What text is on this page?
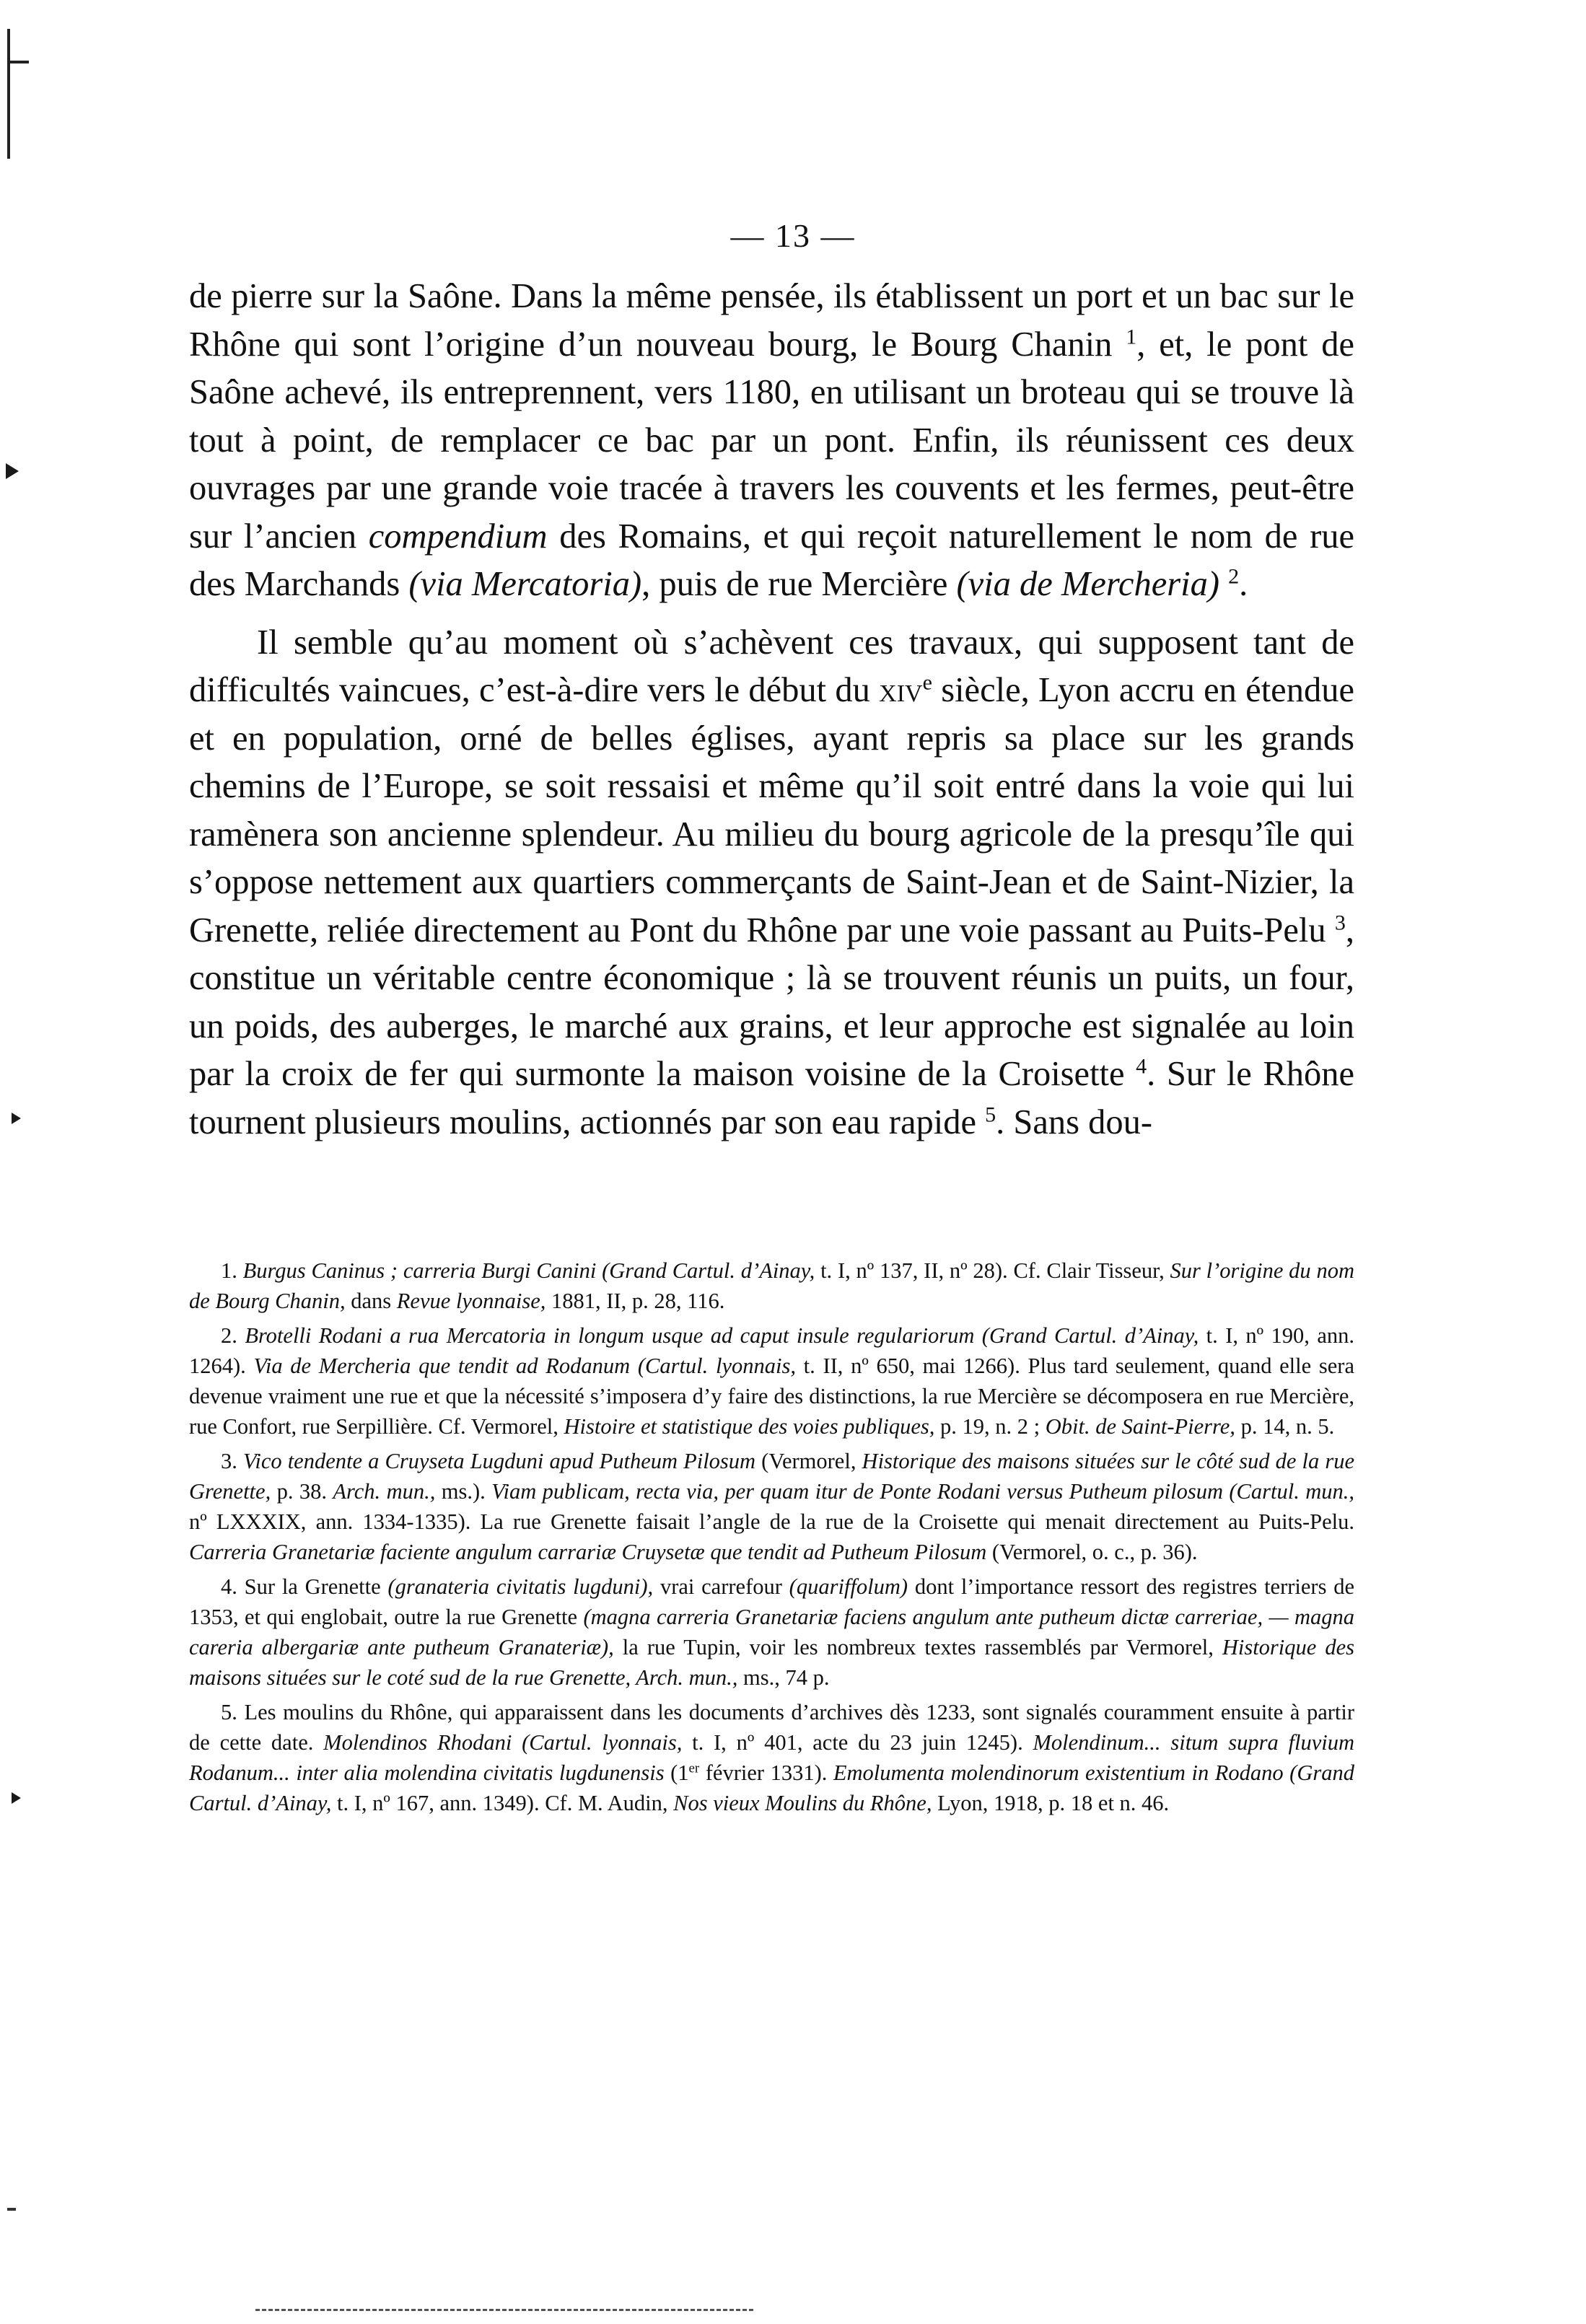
— 13 —

de pierre sur la Saône. Dans la même pensée, ils établissent un port et un bac sur le Rhône qui sont l’origine d’un nouveau bourg, le Bourg Chanin $^1$, et, le pont de Saône achevé, ils entreprennent, vers 1180, en utilisant un broteau qui se trouve là tout à point, de remplacer ce bac par un pont. Enfin, ils réunissent ces deux ouvrages par une grande voie tracée à travers les couvents et les fermes, peut-être sur l’ancien compendium des Romains, et qui reçoit naturellement le nom de rue des Marchands (via Mercatoria), puis de rue Mercière (via de Mercheria) $^2$.

Il semble qu’au moment où s’achèvent ces travaux, qui supposent tant de difficultés vaincues, c’est-à-dire vers le début du xiv$^e$ siècle, Lyon accru en étendue et en population, orné de belles églises, ayant repris sa place sur les grands chemins de l’Europe, se soit ressaisi et même qu’il soit entré dans la voie qui lui ramènera son ancienne splendeur. Au milieu du bourg agricole de la presqu’île qui s’oppose nettement aux quartiers commerçants de Saint-Jean et de Saint-Nizier, la Grenette, reliée directement au Pont du Rhône par une voie passant au Puits-Pelu $^3$, constitue un véritable centre économique ; là se trouvent réunis un puits, un four, un poids, des auberges, le marché aux grains, et leur approche est signalée au loin par la croix de fer qui surmonte la maison voisine de la Croisette $^4$. Sur le Rhône tournent plusieurs moulins, actionnés par son eau rapide $^5$. Sans dou-

1. Burgus Caninus ; carreria Burgi Canini (Grand Cartul. d’Ainay, t. I, nº 137, II, nº 28). Cf. Clair Tisseur, Sur l’origine du nom de Bourg Chanin, dans Revue lyonnaise, 1881, II, p. 28, 116.

2. Brotelli Rodani a rua Mercatoria in longum usque ad caput insule regulariorum (Grand Cartul. d’Ainay, t. I, nº 190, ann. 1264). Via de Mercheria que tendit ad Rodanum (Cartul. lyonnais, t. II, nº 650, mai 1266). Plus tard seulement, quand elle sera devenue vraiment une rue et que la nécessité s’imposera d’y faire des distinctions, la rue Mercière se décomposera en rue Mercière, rue Confort, rue Serpillière. Cf. Vermorel, Histoire et statistique des voies publiques, p. 19, n. 2 ; Obit. de Saint-Pierre, p. 14, n. 5.

3. Vico tendente a Cruyseta Lugduni apud Putheum Pilosum (Vermorel, Historique des maisons situées sur le côté sud de la rue Grenette, p. 38. Arch. mun., ms.). Viam publicam, recta via, per quam itur de Ponte Rodani versus Putheum pilosum (Cartul. mun., nº LXXXIX, ann. 1334-1335). La rue Grenette faisait l’angle de la rue de la Croisette qui menait directement au Puits-Pelu. Carreria Granetariæ faciente angulum carrariæ Cruysetæ que tendit ad Putheum Pilosum (Vermorel, o. c., p. 36).

4. Sur la Grenette (granateria civitatis lugduni), vrai carrefour (quariffolum) dont l’importance ressort des registres terriers de 1353, et qui englobait, outre la rue Grenette (magna carreria Granetariæ faciens angulum ante putheum dictæ carreriae, — magna careria albergariæ ante putheum Granateriæ), la rue Tupin, voir les nombreux textes rassemblés par Vermorel, Historique des maisons situées sur le coté sud de la rue Grenette, Arch. mun., ms., 74 p.

5. Les moulins du Rhône, qui apparaissent dans les documents d’archives dès 1233, sont signalés couramment ensuite à partir de cette date. Molendinos Rhodani (Cartul. lyonnais, t. I, nº 401, acte du 23 juin 1245). Molendinum... situm supra fluvium Rodanum... inter alia molendina civitatis lugdunensis (1er février 1331). Emolumenta molendinorum existentium in Rodano (Grand Cartul. d’Ainay, t. I, nº 167, ann. 1349). Cf. M. Audin, Nos vieux Moulins du Rhône, Lyon, 1918, p. 18 et n. 46.
